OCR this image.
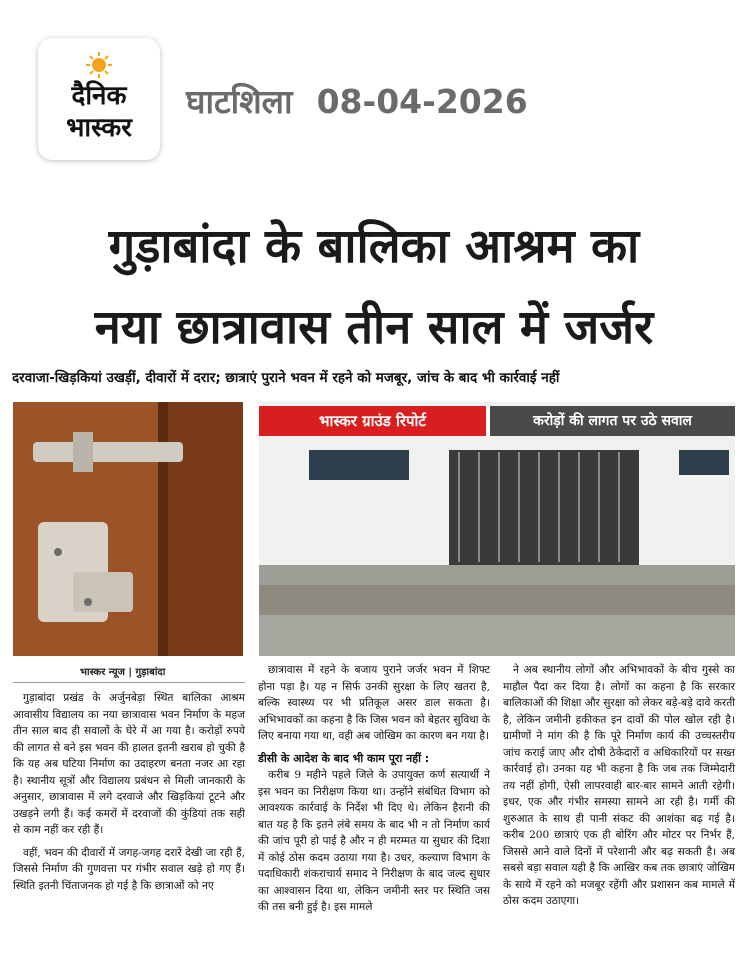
दैनिक
भास्कर
घाटशिला 08-04-2026
गुड़ाबांदा के बालिका आश्रम का
नया छात्रावास तीन साल में जर्जर
दरवाजा-खिड़कियां उखड़ीं, दीवारों में दरार; छात्राएं पुराने भवन में रहने को मजबूर, जांच के बाद भी कार्रवाई नहीं
भास्कर ग्राउंड रिपोर्ट	करोड़ों की लागत पर उठे सवाल
भास्कर न्यूज | गुड़ाबांदा

गुड़ाबांदा प्रखंड के अर्जुनबेड़ा स्थित बालिका आश्रम आवासीय विद्यालय का नया छात्रावास भवन निर्माण के महज तीन साल बाद ही सवालों के घेरे में आ गया है। करोड़ों रुपये की लागत से बने इस भवन की हालत इतनी खराब हो चुकी है कि यह अब घटिया निर्माण का उदाहरण बनता नजर आ रहा है। स्थानीय सूत्रों और विद्यालय प्रबंधन से मिली जानकारी के अनुसार, छात्रावास में लगे दरवाजे और खिड़कियां टूटने और उखड़ने लगी हैं। कई कमरों में दरवाजों की कुंडियां तक सही से काम नहीं कर रही हैं।

वहीं, भवन की दीवारों में जगह-जगह दरारें देखी जा रही हैं, जिससे निर्माण की गुणवत्ता पर गंभीर सवाल खड़े हो गए हैं। स्थिति इतनी चिंताजनक हो गई है कि छात्राओं को नए

छात्रावास में रहने के बजाय पुराने जर्जर भवन में शिफ्ट होना पड़ा है। यह न सिर्फ उनकी सुरक्षा के लिए खतरा है, बल्कि स्वास्थ्य पर भी प्रतिकूल असर डाल सकता है। अभिभावकों का कहना है कि जिस भवन को बेहतर सुविधा के लिए बनाया गया था, वही अब जोखिम का कारण बन गया है।

डीसी के आदेश के बाद भी काम पूरा नहीं :

करीब 9 महीने पहले जिले के उपायुक्त कर्ण सत्यार्थी ने इस भवन का निरीक्षण किया था। उन्होंने संबंधित विभाग को आवश्यक कार्रवाई के निर्देश भी दिए थे। लेकिन हैरानी की बात यह है कि इतने लंबे समय के बाद भी न तो निर्माण कार्य की जांच पूरी हो पाई है और न ही मरम्मत या सुधार की दिशा में कोई ठोस कदम उठाया गया है। उधर, कल्याण विभाग के पदाधिकारी शंकराचार्य समाद ने निरीक्षण के बाद जल्द सुधार का आश्वासन दिया था, लेकिन जमीनी स्तर पर स्थिति जस की तस बनी हुई है। इस मामले

ने अब स्थानीय लोगों और अभिभावकों के बीच गुस्से का माहौल पैदा कर दिया है। लोगों का कहना है कि सरकार बालिकाओं की शिक्षा और सुरक्षा को लेकर बड़े-बड़े दावे करती है, लेकिन जमीनी हकीकत इन दावों की पोल खोल रही है। ग्रामीणों ने मांग की है कि पूरे निर्माण कार्य की उच्चस्तरीय जांच कराई जाए और दोषी ठेकेदारों व अधिकारियों पर सख्त कार्रवाई हो। उनका यह भी कहना है कि जब तक जिम्मेदारी तय नहीं होगी, ऐसी लापरवाही बार-बार सामने आती रहेगी। इधर, एक और गंभीर समस्या सामने आ रही है। गर्मी की शुरुआत के साथ ही पानी संकट की आशंका बढ़ गई है। करीब 200 छात्राएं एक ही बोरिंग और मोटर पर निर्भर हैं, जिससे आने वाले दिनों में परेशानी और बढ़ सकती है। अब सबसे बड़ा सवाल यही है कि आखिर कब तक छात्राएं जोखिम के साये में रहने को मजबूर रहेंगी और प्रशासन कब मामले में ठोस कदम उठाएगा।
